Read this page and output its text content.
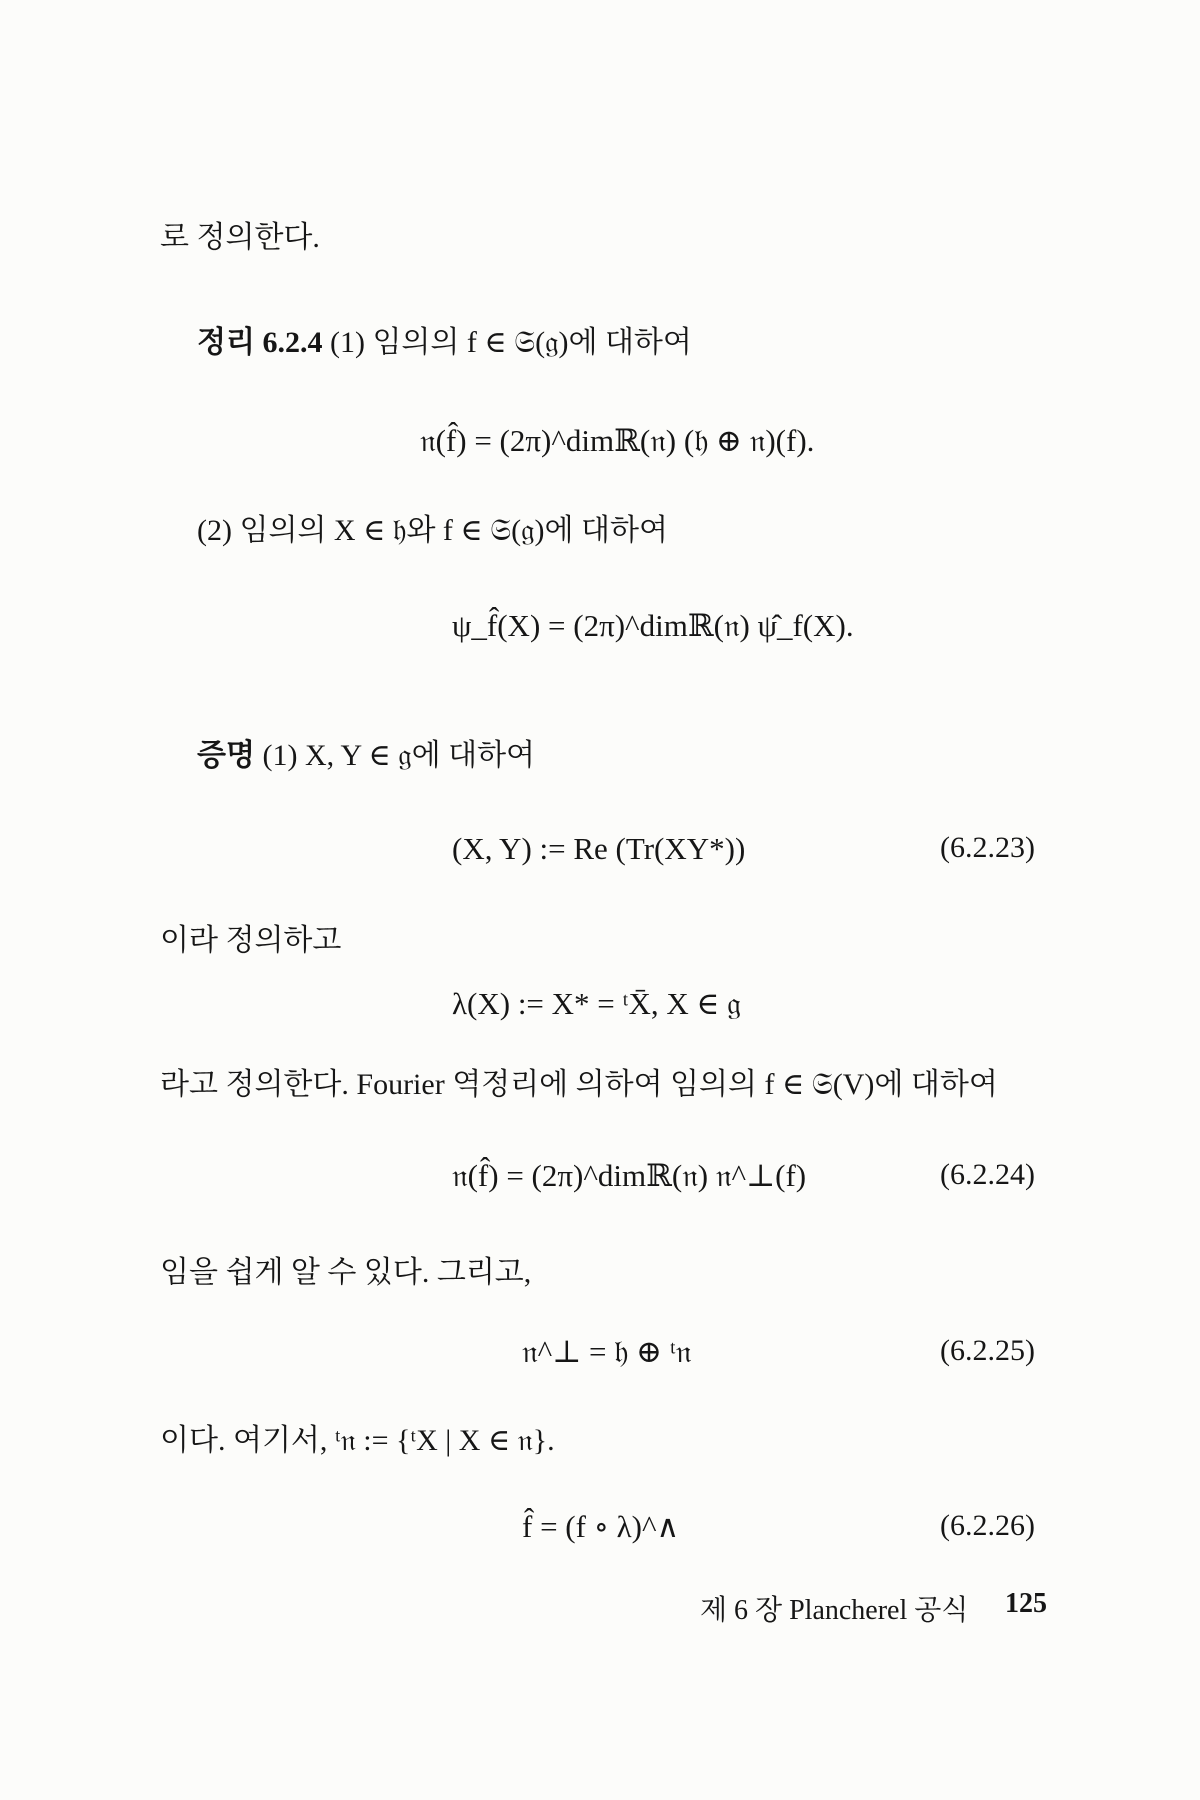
로 정의한다.
정리 6.2.4 (1) 임의의 f ∈ 𝔖(𝔤)에 대하여
𝔫(f̂) = (2π)^dimℝ(𝔫) (𝔥 ⊕ 𝔫)(f).
(2) 임의의 X ∈ 𝔥와 f ∈ 𝔖(𝔤)에 대하여
ψ_f̂(X) = (2π)^dimℝ(𝔫) ψ̂_f(X).
증명 (1) X, Y ∈ 𝔤에 대하여
(X, Y) := Re (Tr(XY*))	(6.2.23)
이라 정의하고
λ(X) := X* = ᵗX̄, X ∈ 𝔤
라고 정의한다. Fourier 역정리에 의하여 임의의 f ∈ 𝔖(V)에 대하여
𝔫(f̂) = (2π)^dimℝ(𝔫) 𝔫^⊥(f)	(6.2.24)
임을 쉽게 알 수 있다. 그리고,
𝔫^⊥ = 𝔥 ⊕ ᵗ𝔫	(6.2.25)
이다. 여기서, ᵗ𝔫 := {ᵗX | X ∈ 𝔫}.
f̂ = (f ∘ λ)^∧	(6.2.26)
제 6 장 Plancherel 공식 125
